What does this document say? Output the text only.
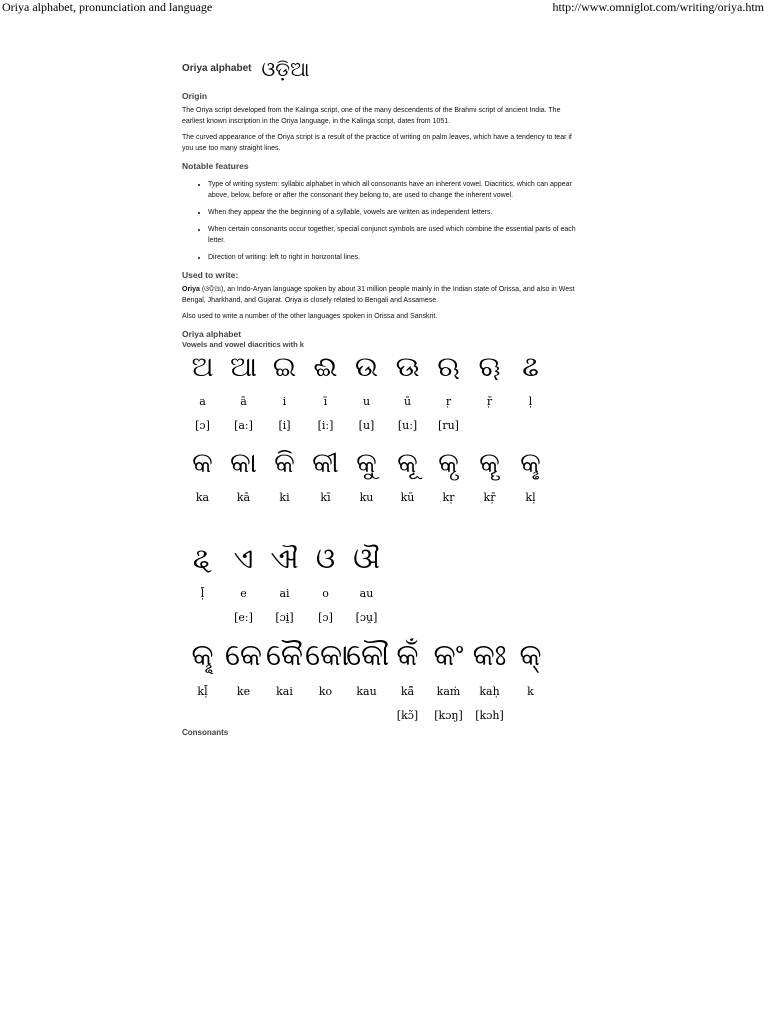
Oriya alphabet, pronunciation and language	http://www.omniglot.com/writing/oriya.htm
Oriya alphabet ଓଡ଼ିଆ
Origin

The Oriya script developed from the Kalinga script, one of the many descendents of the Brahmi script of ancient India. The earliest known inscription in the Oriya language, in the Kalinga script, dates from 1051.

The curved appearance of the Oriya script is a result of the practice of writing on palm leaves, which have a tendency to tear if you use too many straight lines.

Notable features
• Type of writing system: syllabic alphabet in which all consonants have an inherent vowel. Diacritics, which can appear above, below, before or after the consonant they belong to, are used to change the inherent vowel.
• When they appear the the beginning of a syllable, vowels are written as independent letters.
• When certain consonants occur together, special conjunct symbols are used which combine the essential parts of each letter.
• Direction of writing: left to right in horizontal lines.
Used to write:

Oriya (ଓଡ଼ିଆ), an Indo-Aryan language spoken by about 31 million people mainly in the Indian state of Orissa, and also in West Bengal, Jharkhand, and Gujarat. Oriya is closely related to Bengali and Assamese.

Also used to write a number of the other languages spoken in Orissa and Sanskrit.

Oriya alphabet
Vowels and vowel diacritics with k
ଅ
a
[ɔ]
ଆ
ā
[aː]
ଇ
i
[i]
ଈ
ī
[iː]
ଉ
u
[u]
ଊ
ū
[uː]
ଋ
ṛ
[ru]
ୠ
ṝ
ଌ
ḷ
କ
ka
କା
kā
କି
ki
କୀ
kī
କୁ
ku
କୂ
kū
କୃ
kṛ
କୄ
kṝ
କୢ
kḷ
ୡ
ḹ
ଏ
e
[eː]
ଐ
ai
[ɔi̯]
ଓ
o
[ɔ]
ଔ
au
[ɔu̯]
କୣ
kḹ
କେ
ke
କୈ
kai
କୋ
ko
କୌ
kau
କଁ
kā̃
[kɔ̃]
କଂ
kaṁ
[kɔŋ]
କଃ
kaḥ
[kɔh]
କ୍
k
Consonants
